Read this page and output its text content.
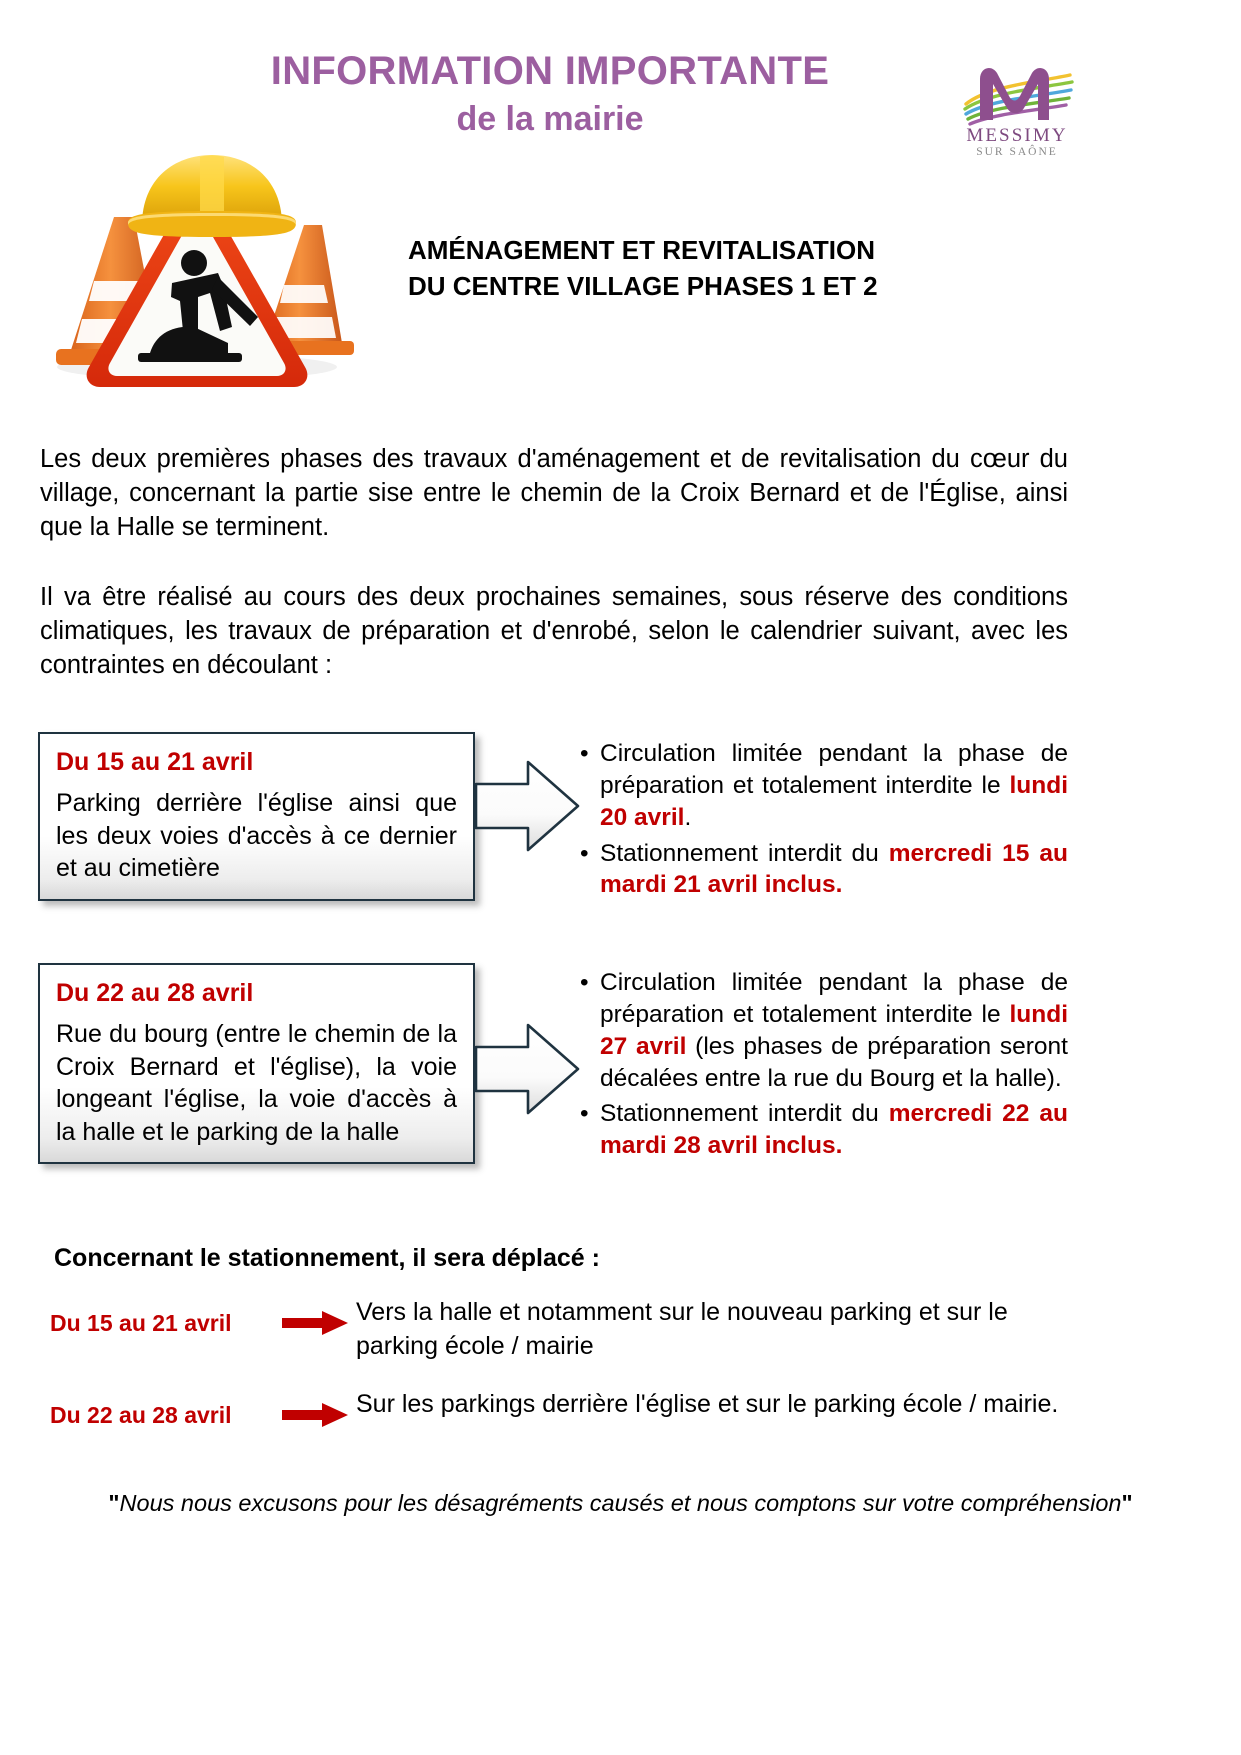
INFORMATION IMPORTANTE
de la mairie	MESSIMY
SUR SAÔNE
AMÉNAGEMENT ET REVITALISATION
DU CENTRE VILLAGE PHASES 1 ET 2
Les deux premières phases des travaux d'aménagement et de revitalisation du cœur du village, concernant la partie sise entre le chemin de la Croix Bernard et de l'Église, ainsi que la Halle se terminent.
Il va être réalisé au cours des deux prochaines semaines, sous réserve des conditions climatiques, les travaux de préparation et d'enrobé, selon le calendrier suivant, avec les contraintes en découlant :
Du 15 au 21 avril
Parking derrière l'église ainsi que les deux voies d'accès à ce dernier et au cimetière
• Circulation limitée pendant la phase de préparation et totalement interdite le lundi 20 avril.
• Stationnement interdit du mercredi 15 au mardi 21 avril inclus.
Du 22 au 28 avril
Rue du bourg (entre le chemin de la Croix Bernard et l'église), la voie longeant l'église, la voie d'accès à la halle et le parking de la halle
• Circulation limitée pendant la phase de préparation et totalement interdite le lundi 27 avril (les phases de préparation seront décalées entre la rue du Bourg et la halle).
• Stationnement interdit du mercredi 22 au mardi 28 avril inclus.
Concernant le stationnement, il sera déplacé :
Du 15 au 21 avril	Vers la halle et notamment sur le nouveau parking et sur le parking école / mairie
Du 22 au 28 avril	Sur les parkings derrière l'église et sur le parking école / mairie.
"Nous nous excusons pour les désagréments causés et nous comptons sur votre compréhension"
